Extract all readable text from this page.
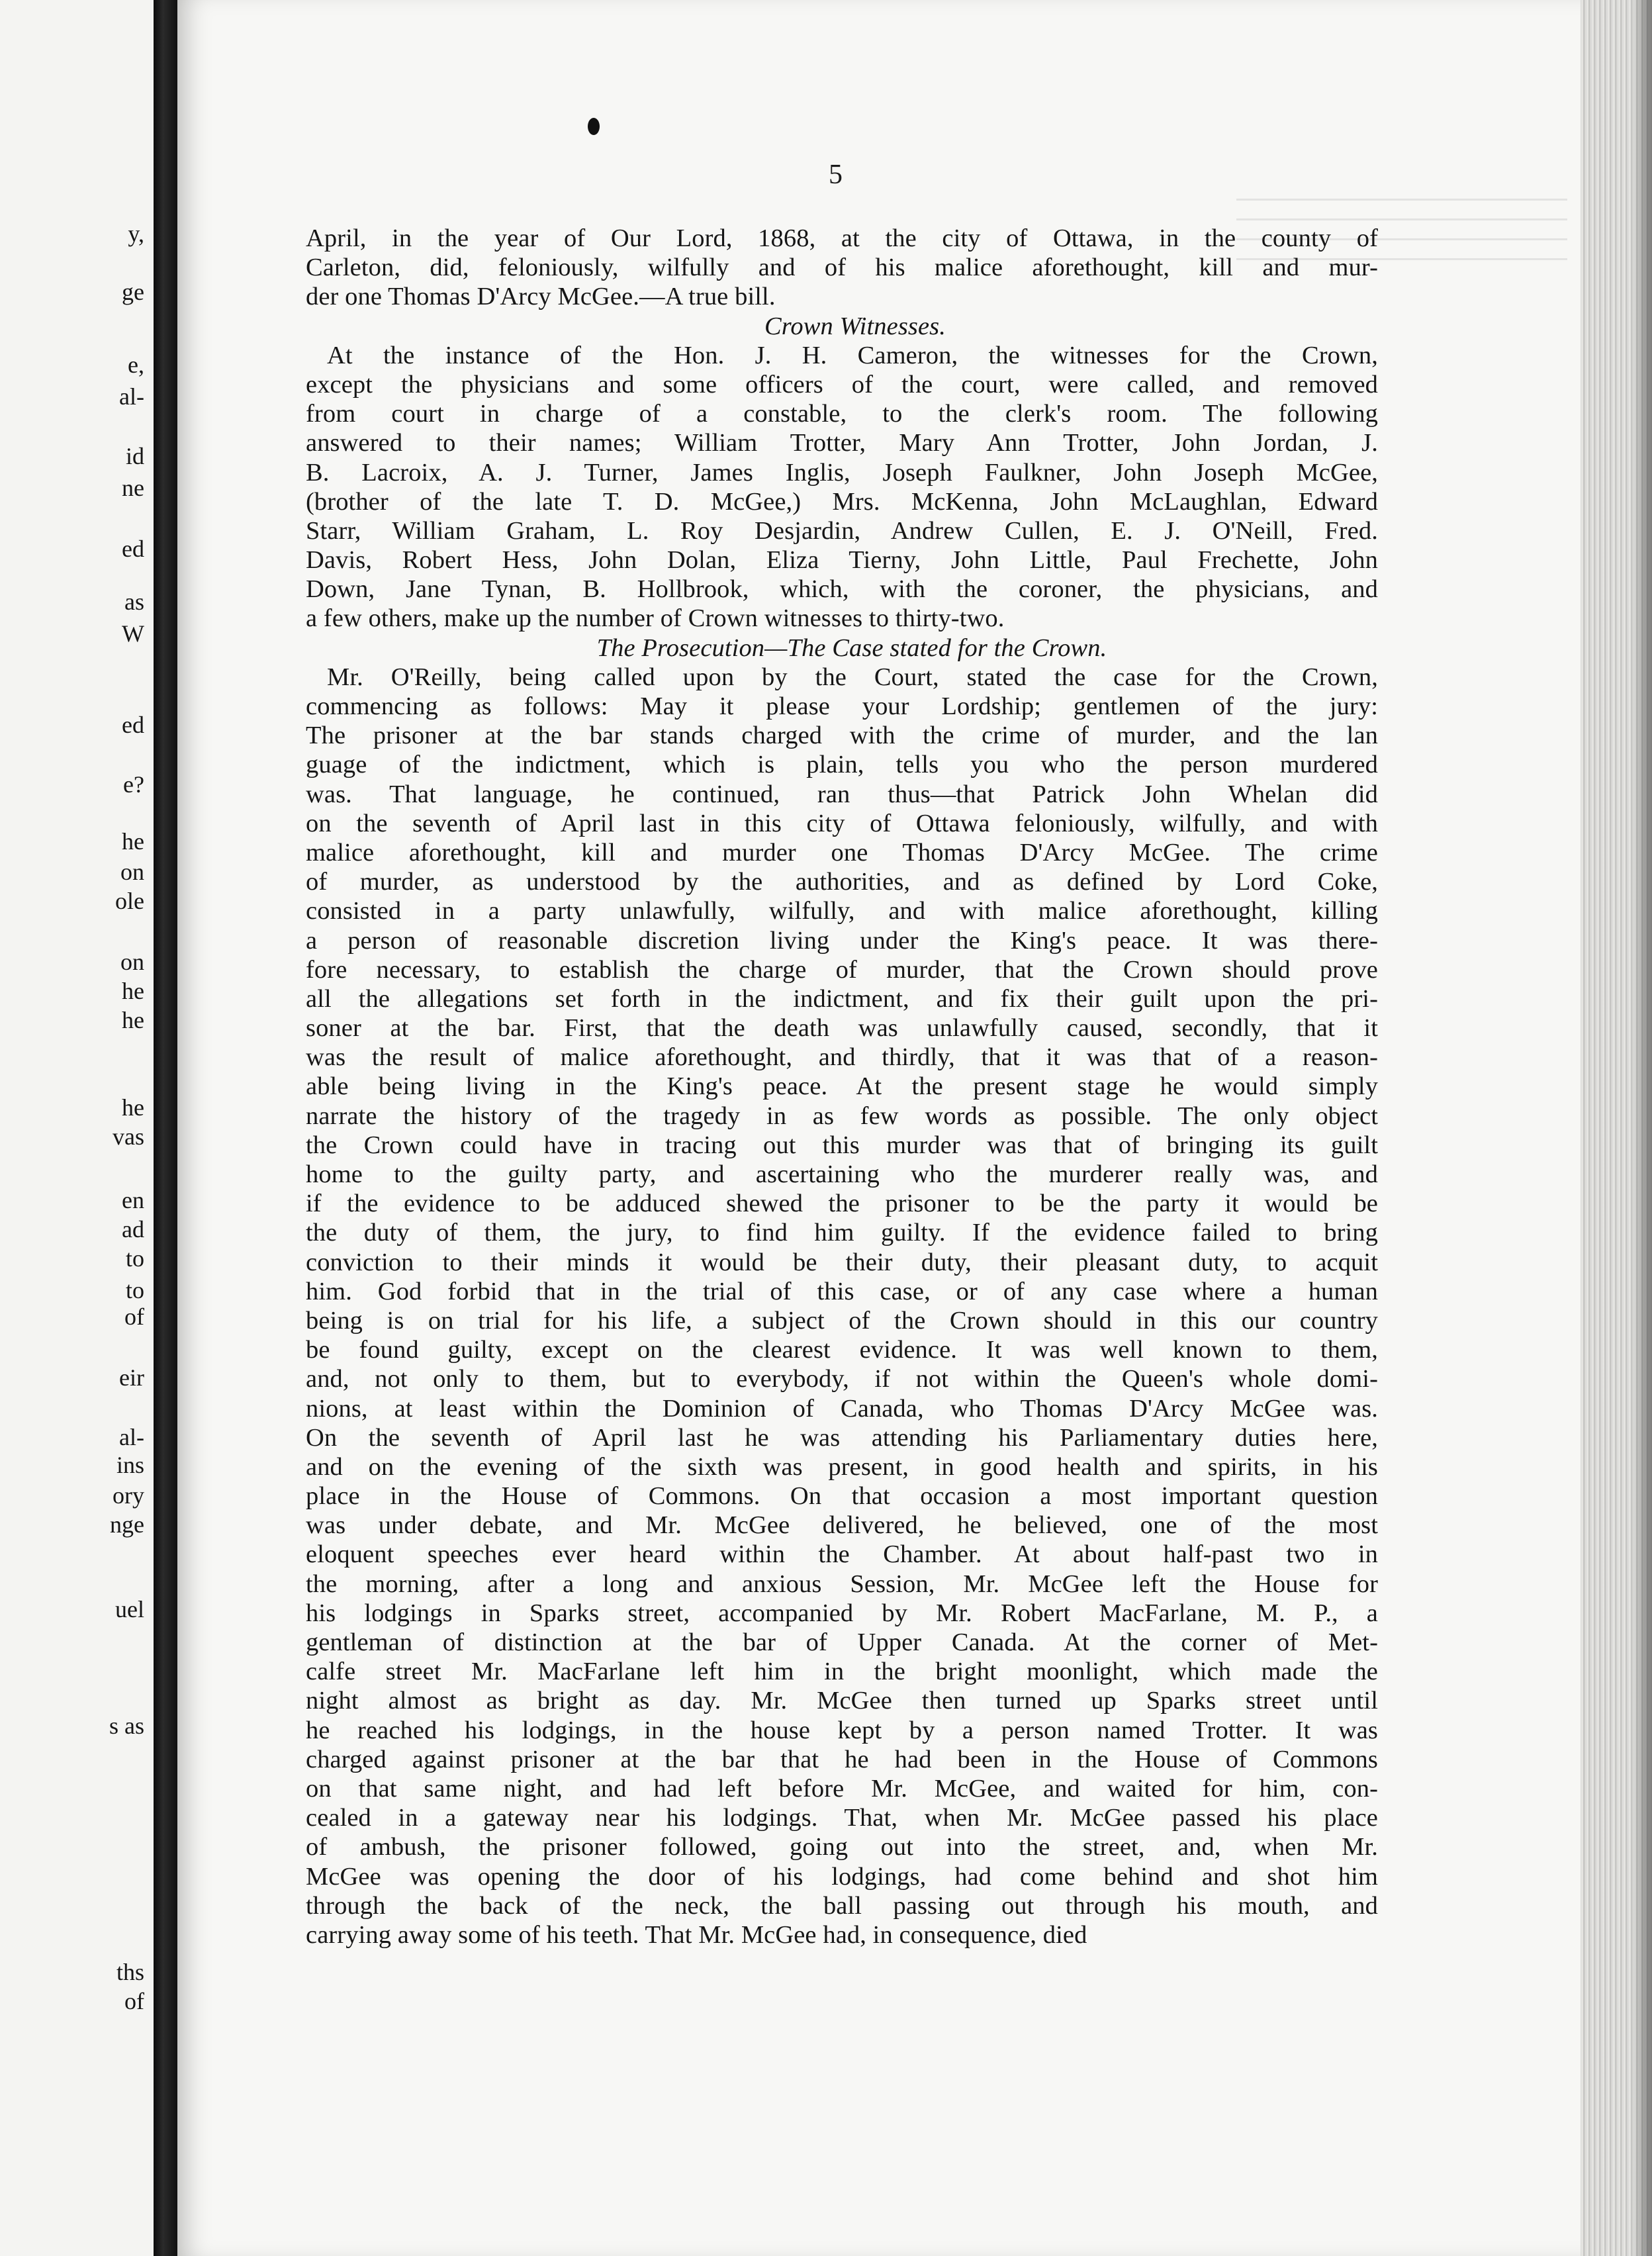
y,
ge
e,
al-
id
ne
ed
as
W
ed
e?
he
on
ole
on
he
he
he
vas
en
ad
to
to
of
eir
al-
ins
ory
nge
uel
s as
ths
of
5
April, in the year of Our Lord, 1868, at the city of Ottawa, in the county of
Carleton, did, feloniously, wilfully and of his malice aforethought, kill and mur-
der one Thomas D'Arcy McGee.—A true bill.
Crown Witnesses.
At the instance of the Hon. J. H. Cameron, the witnesses for the Crown,
except the physicians and some officers of the court, were called, and removed
from court in charge of a constable, to the clerk's room. The following
answered to their names; William Trotter, Mary Ann Trotter, John Jordan, J.
B. Lacroix, A. J. Turner, James Inglis, Joseph Faulkner, John Joseph McGee,
(brother of the late T. D. McGee,) Mrs. McKenna, John McLaughlan, Edward
Starr, William Graham, L. Roy Desjardin, Andrew Cullen, E. J. O'Neill, Fred.
Davis, Robert Hess, John Dolan, Eliza Tierny, John Little, Paul Frechette, John
Down, Jane Tynan, B. Hollbrook, which, with the coroner, the physicians, and
a few others, make up the number of Crown witnesses to thirty-two.
The Prosecution—The Case stated for the Crown.
Mr. O'Reilly, being called upon by the Court, stated the case for the Crown,
commencing as follows: May it please your Lordship; gentlemen of the jury:
The prisoner at the bar stands charged with the crime of murder, and the lan
guage of the indictment, which is plain, tells you who the person murdered
was. That language, he continued, ran thus—that Patrick John Whelan did
on the seventh of April last in this city of Ottawa feloniously, wilfully, and with
malice aforethought, kill and murder one Thomas D'Arcy McGee. The crime
of murder, as understood by the authorities, and as defined by Lord Coke,
consisted in a party unlawfully, wilfully, and with malice aforethought, killing
a person of reasonable discretion living under the King's peace. It was there-
fore necessary, to establish the charge of murder, that the Crown should prove
all the allegations set forth in the indictment, and fix their guilt upon the pri-
soner at the bar. First, that the death was unlawfully caused, secondly, that it
was the result of malice aforethought, and thirdly, that it was that of a reason-
able being living in the King's peace. At the present stage he would simply
narrate the history of the tragedy in as few words as possible. The only object
the Crown could have in tracing out this murder was that of bringing its guilt
home to the guilty party, and ascertaining who the murderer really was, and
if the evidence to be adduced shewed the prisoner to be the party it would be
the duty of them, the jury, to find him guilty. If the evidence failed to bring
conviction to their minds it would be their duty, their pleasant duty, to acquit
him. God forbid that in the trial of this case, or of any case where a human
being is on trial for his life, a subject of the Crown should in this our country
be found guilty, except on the clearest evidence. It was well known to them,
and, not only to them, but to everybody, if not within the Queen's whole domi-
nions, at least within the Dominion of Canada, who Thomas D'Arcy McGee was.
On the seventh of April last he was attending his Parliamentary duties here,
and on the evening of the sixth was present, in good health and spirits, in his
place in the House of Commons. On that occasion a most important question
was under debate, and Mr. McGee delivered, he believed, one of the most
eloquent speeches ever heard within the Chamber. At about half-past two in
the morning, after a long and anxious Session, Mr. McGee left the House for
his lodgings in Sparks street, accompanied by Mr. Robert MacFarlane, M. P., a
gentleman of distinction at the bar of Upper Canada. At the corner of Met-
calfe street Mr. MacFarlane left him in the bright moonlight, which made the
night almost as bright as day. Mr. McGee then turned up Sparks street until
he reached his lodgings, in the house kept by a person named Trotter. It was
charged against prisoner at the bar that he had been in the House of Commons
on that same night, and had left before Mr. McGee, and waited for him, con-
cealed in a gateway near his lodgings. That, when Mr. McGee passed his place
of ambush, the prisoner followed, going out into the street, and, when Mr.
McGee was opening the door of his lodgings, had come behind and shot him
through the back of the neck, the ball passing out through his mouth, and
carrying away some of his teeth. That Mr. McGee had, in consequence, died
